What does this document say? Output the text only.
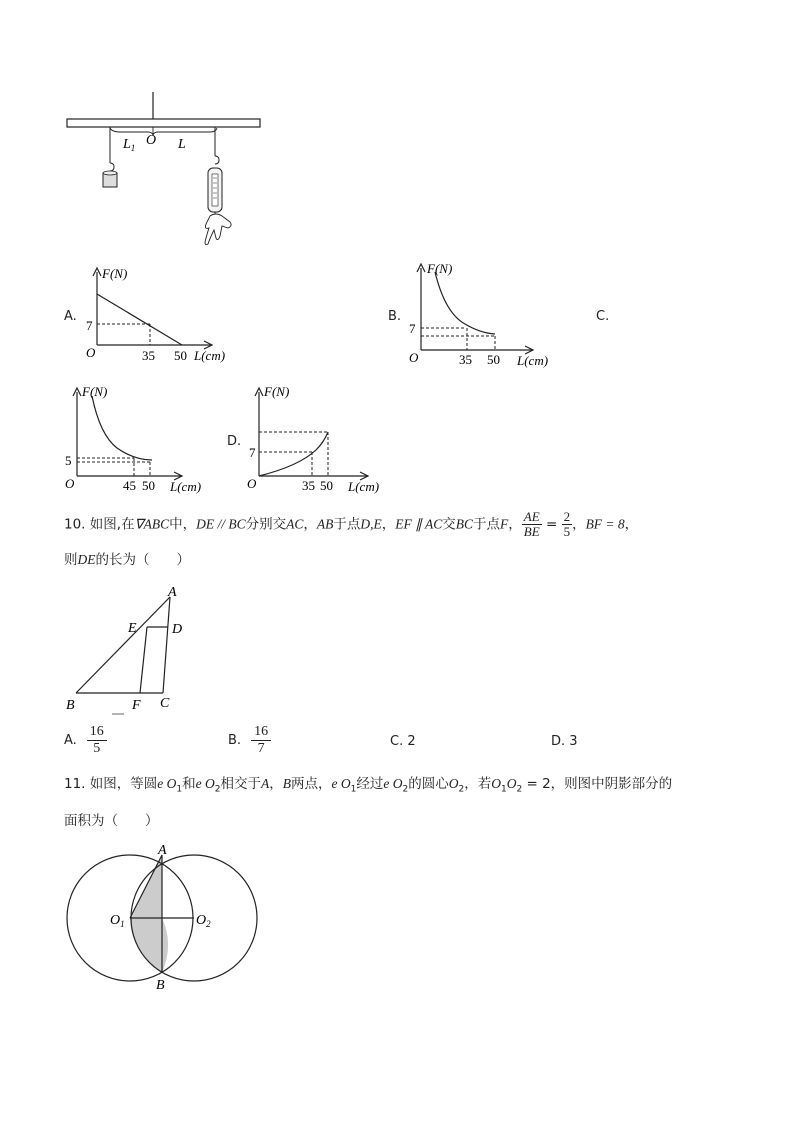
$L_1$ O L
A.
F(N)
7
35 50 L(cm)
O
B.
F(N)
7
35 50 L(cm)
O
C.
F(N)
5
45 50 L(cm)
O
D.
F(N)
7
35 50 L(cm)
O
10. 如图,在∇ABC中，DE // BC分别交AC，AB于点D,E，EF ∥ AC交BC于点F， $\frac{AE}{BE} = \frac{2}{5}$ ，BF = 8，
则DE的长为（　　）
A
E	D
B	F C
A.
16
5
B.
16
7	C. 2	D. 3
11. 如图，等圆e $O_1$和e $O_2$相交于A，B两点，e $O_1$经过e $O_2$的圆心$O_2$，若$O_1O_2 = 2$，则图中阴影部分的
面积为（　　）
A
B
$O_1$	$O_2$
